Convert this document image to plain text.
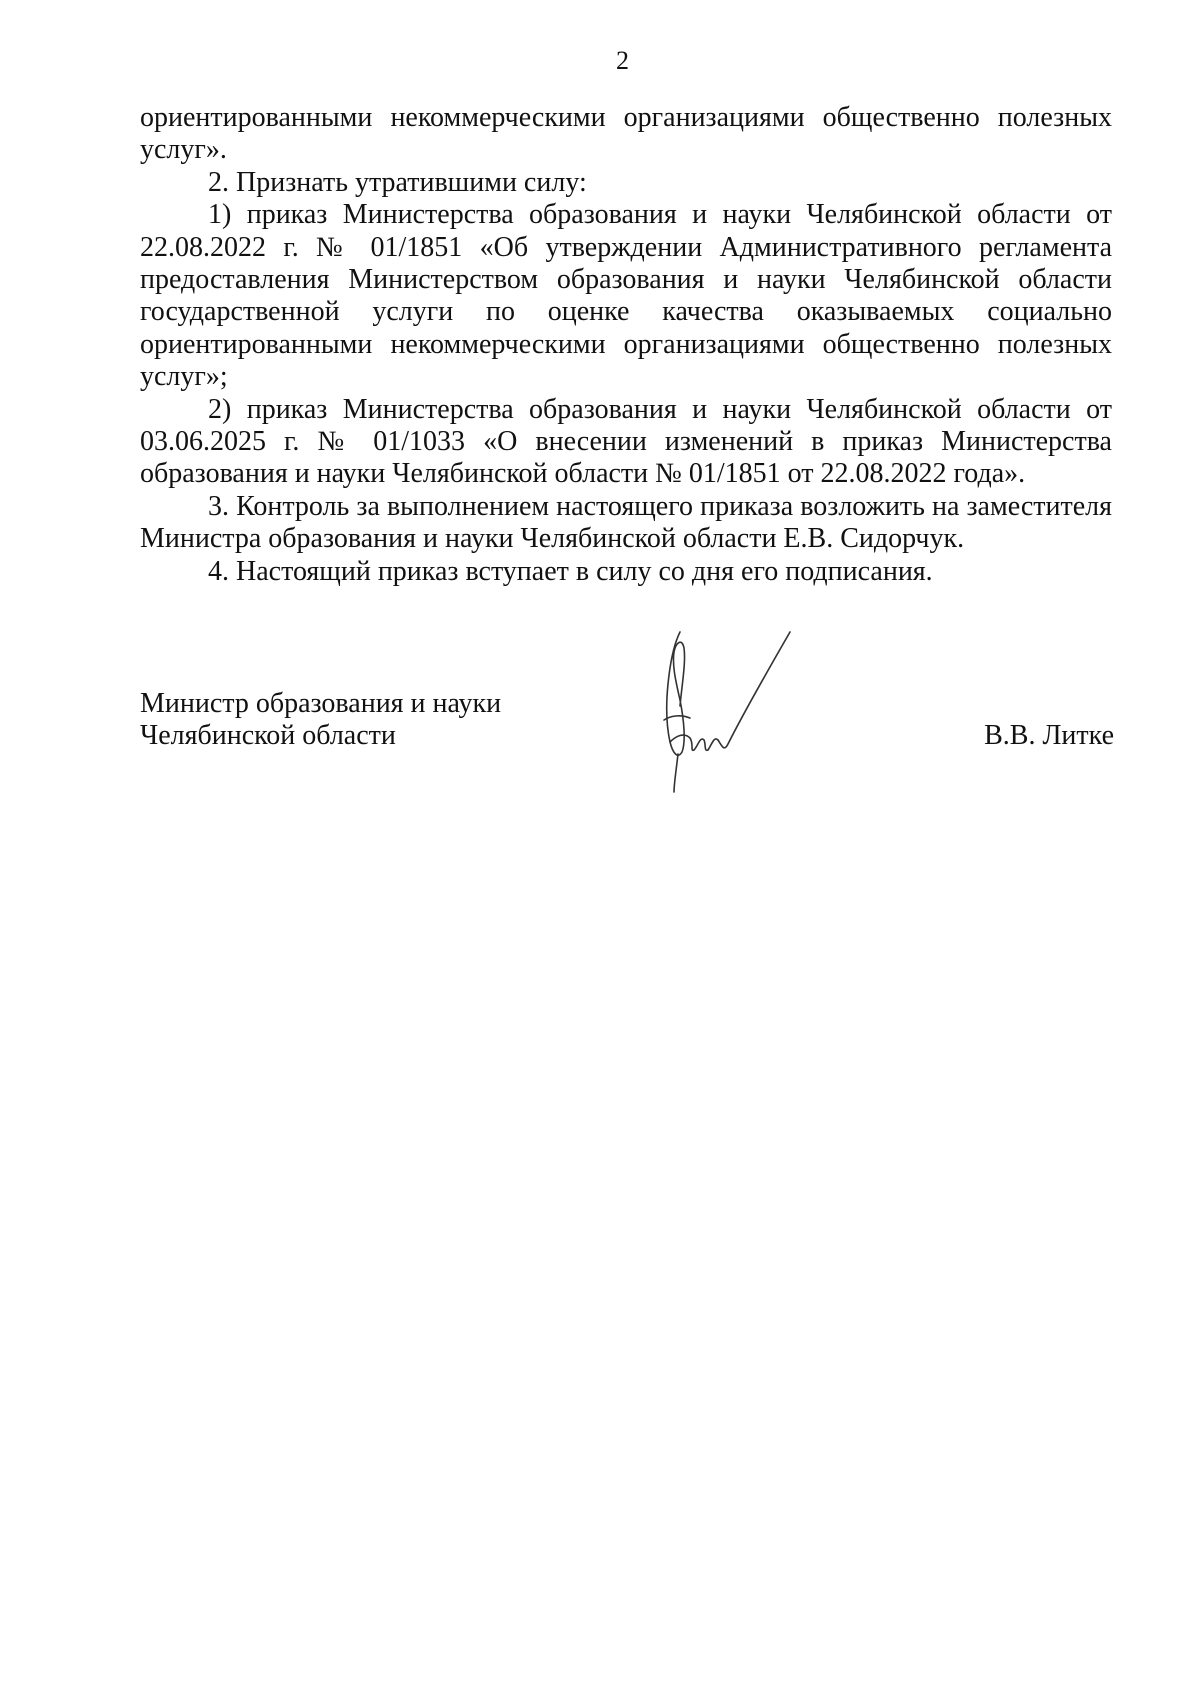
2

ориентированными некоммерческими организациями общественно полезных услуг».

2. Признать утратившими силу:

1) приказ Министерства образования и науки Челябинской области от 22.08.2022 г. № 01/1851 «Об утверждении Административного регламента предоставления Министерством образования и науки Челябинской области государственной услуги по оценке качества оказываемых социально ориентированными некоммерческими организациями общественно полезных услуг»;

2) приказ Министерства образования и науки Челябинской области от 03.06.2025 г. № 01/1033 «О внесении изменений в приказ Министерства образования и науки Челябинской области № 01/1851 от 22.08.2022 года».

3. Контроль за выполнением настоящего приказа возложить на заместителя Министра образования и науки Челябинской области Е.В. Сидорчук.

4. Настоящий приказ вступает в силу со дня его подписания.

Министр образования и науки
Челябинской области	В.В. Литке
